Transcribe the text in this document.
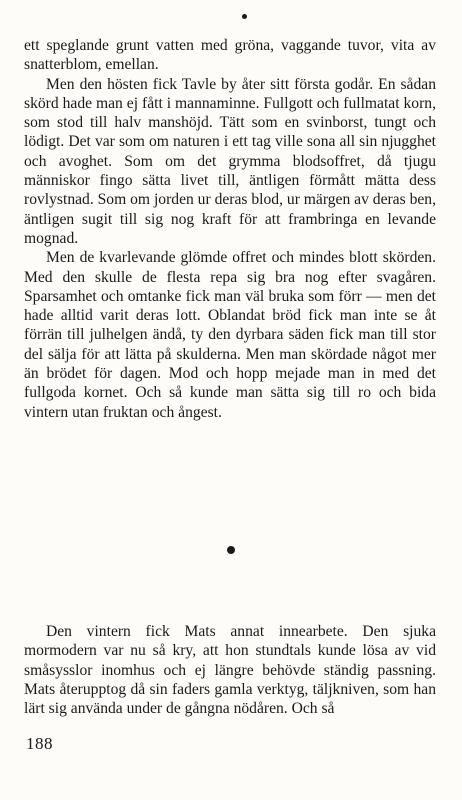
ett speglande grunt vatten med gröna, vaggande tuvor, vita av snatterblom, emellan.

Men den hösten fick Tavle by åter sitt första godår. En sådan skörd hade man ej fått i mannaminne. Fullgott och fullmatat korn, som stod till halv manshöjd. Tätt som en svinborst, tungt och lödigt. Det var som om naturen i ett tag ville sona all sin njugghet och avoghet. Som om det grymma blodsoffret, då tjugu människor fingo sätta livet till, äntligen förmått mätta dess rovlystnad. Som om jorden ur deras blod, ur märgen av deras ben, äntligen sugit till sig nog kraft för att frambringa en levande mognad.

Men de kvarlevande glömde offret och mindes blott skörden. Med den skulle de flesta repa sig bra nog efter svagåren. Sparsamhet och omtanke fick man väl bruka som förr — men det hade alltid varit deras lott. Oblandat bröd fick man inte se åt förrän till julhelgen ändå, ty den dyrbara säden fick man till stor del sälja för att lätta på skulderna. Men man skördade något mer än brödet för dagen. Mod och hopp mejade man in med det fullgoda kornet. Och så kunde man sätta sig till ro och bida vintern utan fruktan och ångest.

Den vintern fick Mats annat innearbete. Den sjuka mormodern var nu så kry, att hon stundtals kunde lösa av vid småsysslor inomhus och ej längre behövde ständig passning. Mats återupptog då sin faders gamla verktyg, täljkniven, som han lärt sig använda under de gångna nödåren. Och så

188
